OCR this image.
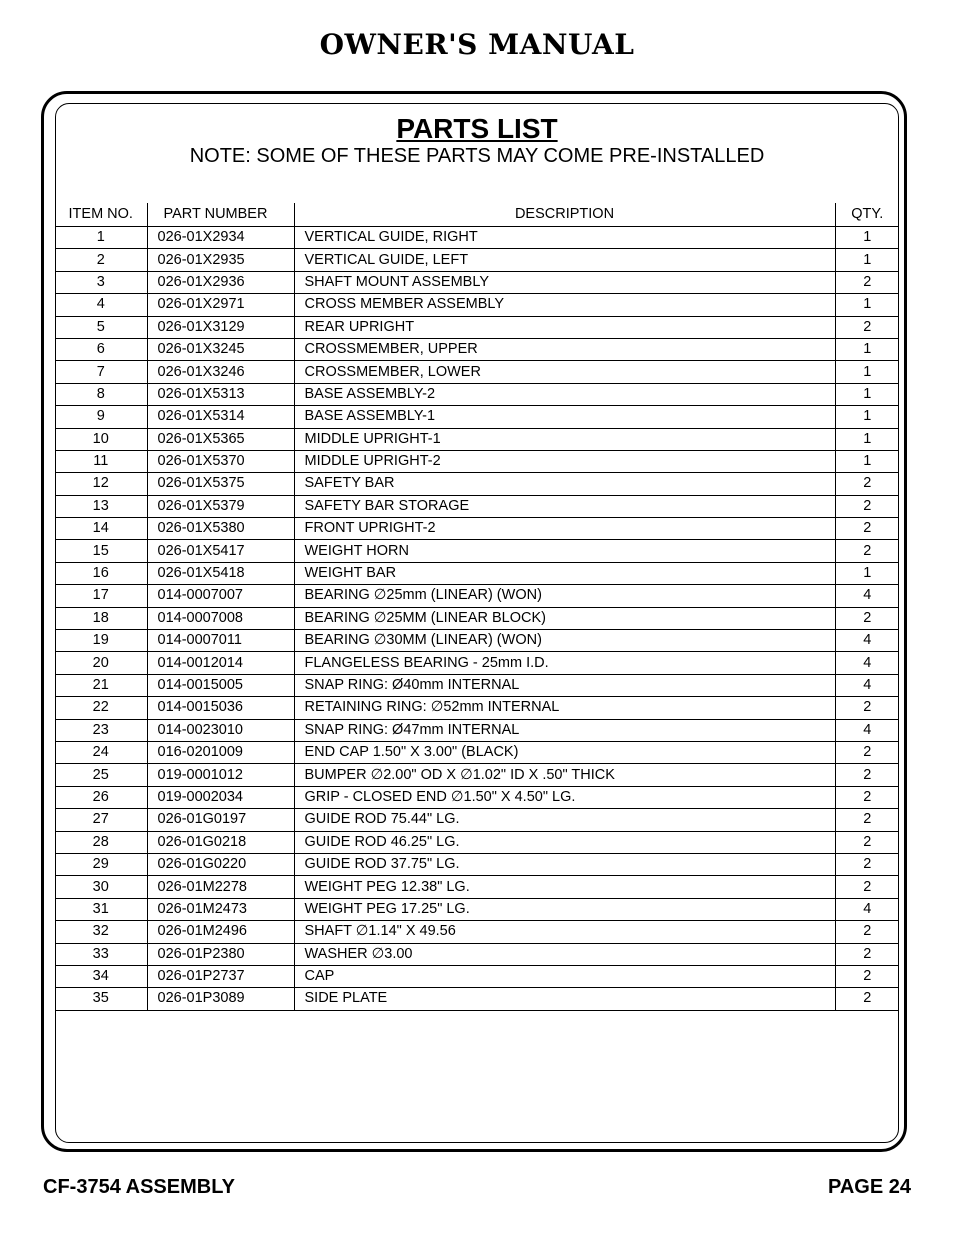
OWNER'S MANUAL
PARTS LIST
NOTE: SOME OF THESE PARTS MAY COME PRE-INSTALLED
ITEM NO.	PART NUMBER	DESCRIPTION	QTY.
1	026-01X2934	VERTICAL GUIDE, RIGHT	1
2	026-01X2935	VERTICAL GUIDE, LEFT	1
3	026-01X2936	SHAFT MOUNT ASSEMBLY	2
4	026-01X2971	CROSS MEMBER ASSEMBLY	1
5	026-01X3129	REAR UPRIGHT	2
6	026-01X3245	CROSSMEMBER, UPPER	1
7	026-01X3246	CROSSMEMBER, LOWER	1
8	026-01X5313	BASE ASSEMBLY-2	1
9	026-01X5314	BASE ASSEMBLY-1	1
10	026-01X5365	MIDDLE UPRIGHT-1	1
11	026-01X5370	MIDDLE UPRIGHT-2	1
12	026-01X5375	SAFETY BAR	2
13	026-01X5379	SAFETY BAR STORAGE	2
14	026-01X5380	FRONT UPRIGHT-2	2
15	026-01X5417	WEIGHT HORN	2
16	026-01X5418	WEIGHT BAR	1
17	014-0007007	BEARING ∅25mm (LINEAR) (WON)	4
18	014-0007008	BEARING ∅25MM (LINEAR BLOCK)	2
19	014-0007011	BEARING ∅30MM (LINEAR) (WON)	4
20	014-0012014	FLANGELESS BEARING - 25mm I.D.	4
21	014-0015005	SNAP RING: Ø40mm INTERNAL	4
22	014-0015036	RETAINING RING: ∅52mm INTERNAL	2
23	014-0023010	SNAP RING: Ø47mm INTERNAL	4
24	016-0201009	END CAP 1.50" X 3.00" (BLACK)	2
25	019-0001012	BUMPER ∅2.00" OD X ∅1.02" ID X .50" THICK	2
26	019-0002034	GRIP - CLOSED END ∅1.50" X 4.50" LG.	2
27	026-01G0197	GUIDE ROD 75.44" LG.	2
28	026-01G0218	GUIDE ROD 46.25" LG.	2
29	026-01G0220	GUIDE ROD 37.75" LG.	2
30	026-01M2278	WEIGHT PEG 12.38" LG.	2
31	026-01M2473	WEIGHT PEG 17.25" LG.	4
32	026-01M2496	SHAFT ∅1.14" X 49.56	2
33	026-01P2380	WASHER ∅3.00	2
34	026-01P2737	CAP	2
35	026-01P3089	SIDE PLATE	2

CF-3754 ASSEMBLY	PAGE 24
